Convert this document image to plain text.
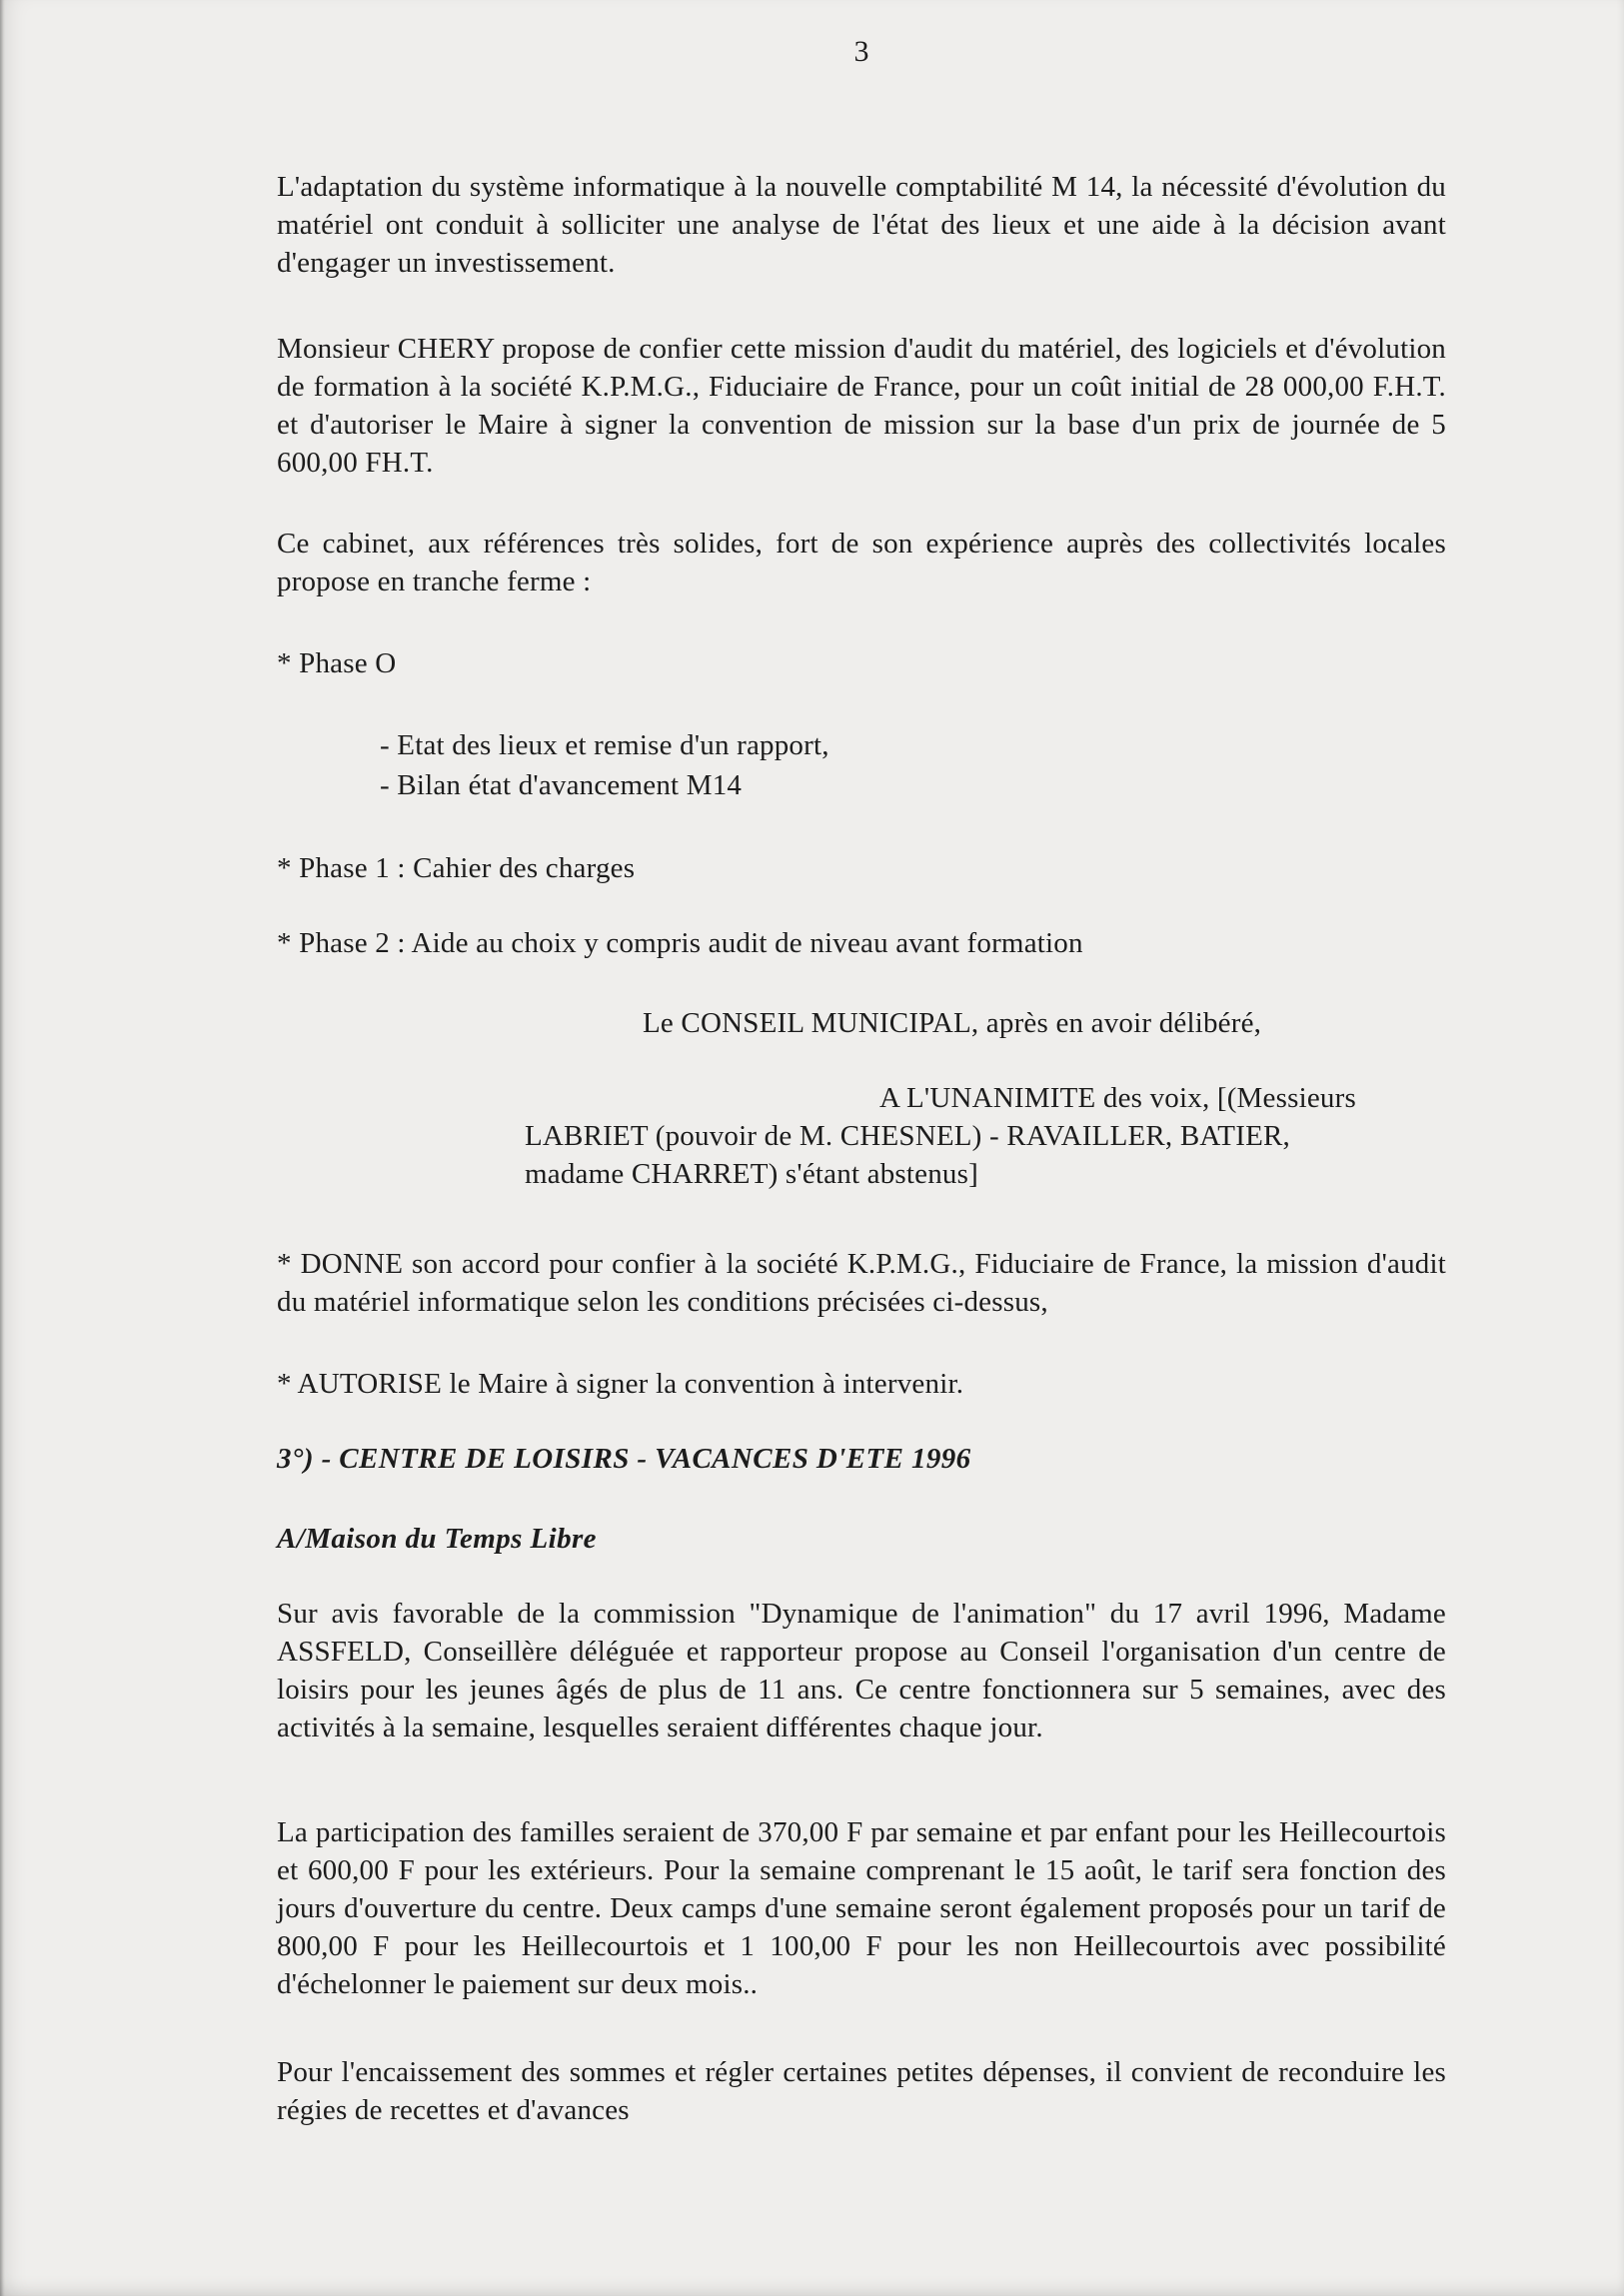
3

L'adaptation du système informatique à la nouvelle comptabilité M 14, la nécessité d'évolution du matériel ont conduit à solliciter une analyse de l'état des lieux et une aide à la décision avant d'engager un investissement.

Monsieur CHERY propose de confier cette mission d'audit du matériel, des logiciels et d'évolution de formation à la société K.P.M.G., Fiduciaire de France, pour un coût initial de 28 000,00 F.H.T. et d'autoriser le Maire à signer la convention de mission sur la base d'un prix de journée de 5 600,00 FH.T.

Ce cabinet, aux références très solides, fort de son expérience auprès des collectivités locales propose en tranche ferme :

* Phase O

- Etat des lieux et remise d'un rapport,

- Bilan état d'avancement M14

* Phase 1 : Cahier des charges

* Phase 2 : Aide au choix y compris audit de niveau avant formation

Le CONSEIL MUNICIPAL, après en avoir délibéré,

A L'UNANIMITE des voix, [(Messieurs

LABRIET (pouvoir de M. CHESNEL) - RAVAILLER, BATIER,

madame CHARRET) s'étant abstenus]

* DONNE son accord pour confier à la société K.P.M.G., Fiduciaire de France, la mission d'audit du matériel informatique selon les conditions précisées ci-dessus,

* AUTORISE le Maire à signer la convention à intervenir.

3°) - CENTRE DE LOISIRS - VACANCES D'ETE 1996

A/Maison du Temps Libre

Sur avis favorable de la commission "Dynamique de l'animation" du 17 avril 1996, Madame ASSFELD, Conseillère déléguée et rapporteur propose au Conseil l'organisation d'un centre de loisirs pour les jeunes âgés de plus de 11 ans. Ce centre fonctionnera sur 5 semaines, avec des activités à la semaine, lesquelles seraient différentes chaque jour.

La participation des familles seraient de 370,00 F par semaine et par enfant pour les Heillecourtois et 600,00 F pour les extérieurs. Pour la semaine comprenant le 15 août, le tarif sera fonction des jours d'ouverture du centre. Deux camps d'une semaine seront également proposés pour un tarif de 800,00 F pour les Heillecourtois et 1 100,00 F pour les non Heillecourtois avec possibilité d'échelonner le paiement sur deux mois..

Pour l'encaissement des sommes et régler certaines petites dépenses, il convient de reconduire les régies de recettes et d'avances
